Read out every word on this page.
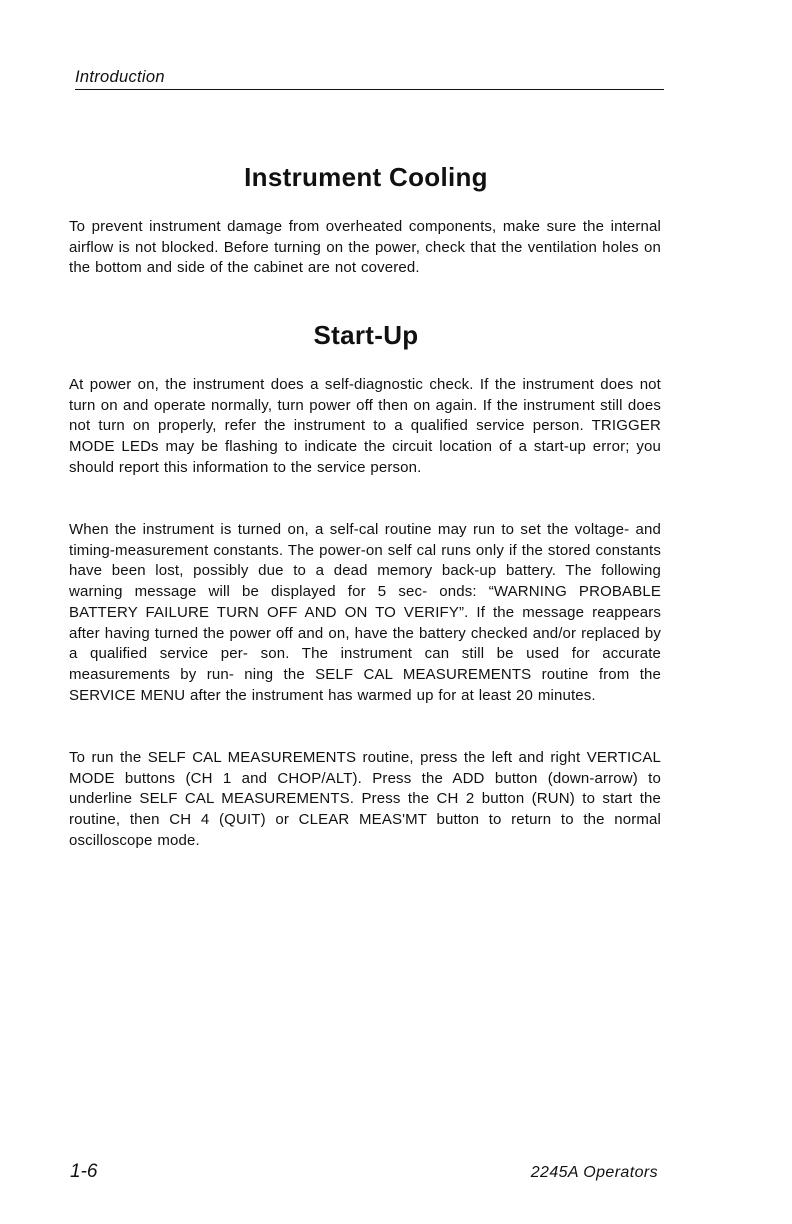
Introduction
Instrument Cooling

To prevent instrument damage from overheated components, make sure the internal airflow is not blocked. Before turning on the power, check that the ventilation holes on the bottom and side of the cabinet are not covered.

Start-Up

At power on, the instrument does a self-diagnostic check. If the instrument does not turn on and operate normally, turn power off then on again. If the instrument still does not turn on properly, refer the instrument to a qualified service person. TRIGGER MODE LEDs may be flashing to indicate the circuit location of a start-up error; you should report this information to the service person.

When the instrument is turned on, a self-cal routine may run to set the voltage- and timing-measurement constants. The power-on self cal runs only if the stored constants have been lost, possibly due to a dead memory back-up battery. The following warning message will be displayed for 5 sec- onds: “WARNING PROBABLE BATTERY FAILURE TURN OFF AND ON TO VERIFY”. If the message reappears after having turned the power off and on, have the battery checked and/or replaced by a qualified service per- son. The instrument can still be used for accurate measurements by run- ning the SELF CAL MEASUREMENTS routine from the SERVICE MENU after the instrument has warmed up for at least 20 minutes.

To run the SELF CAL MEASUREMENTS routine, press the left and right VERTICAL MODE buttons (CH 1 and CHOP/ALT). Press the ADD button (down-arrow) to underline SELF CAL MEASUREMENTS. Press the CH 2 button (RUN) to start the routine, then CH 4 (QUIT) or CLEAR MEAS'MT button to return to the normal oscilloscope mode.

1-6	2245A Operators
